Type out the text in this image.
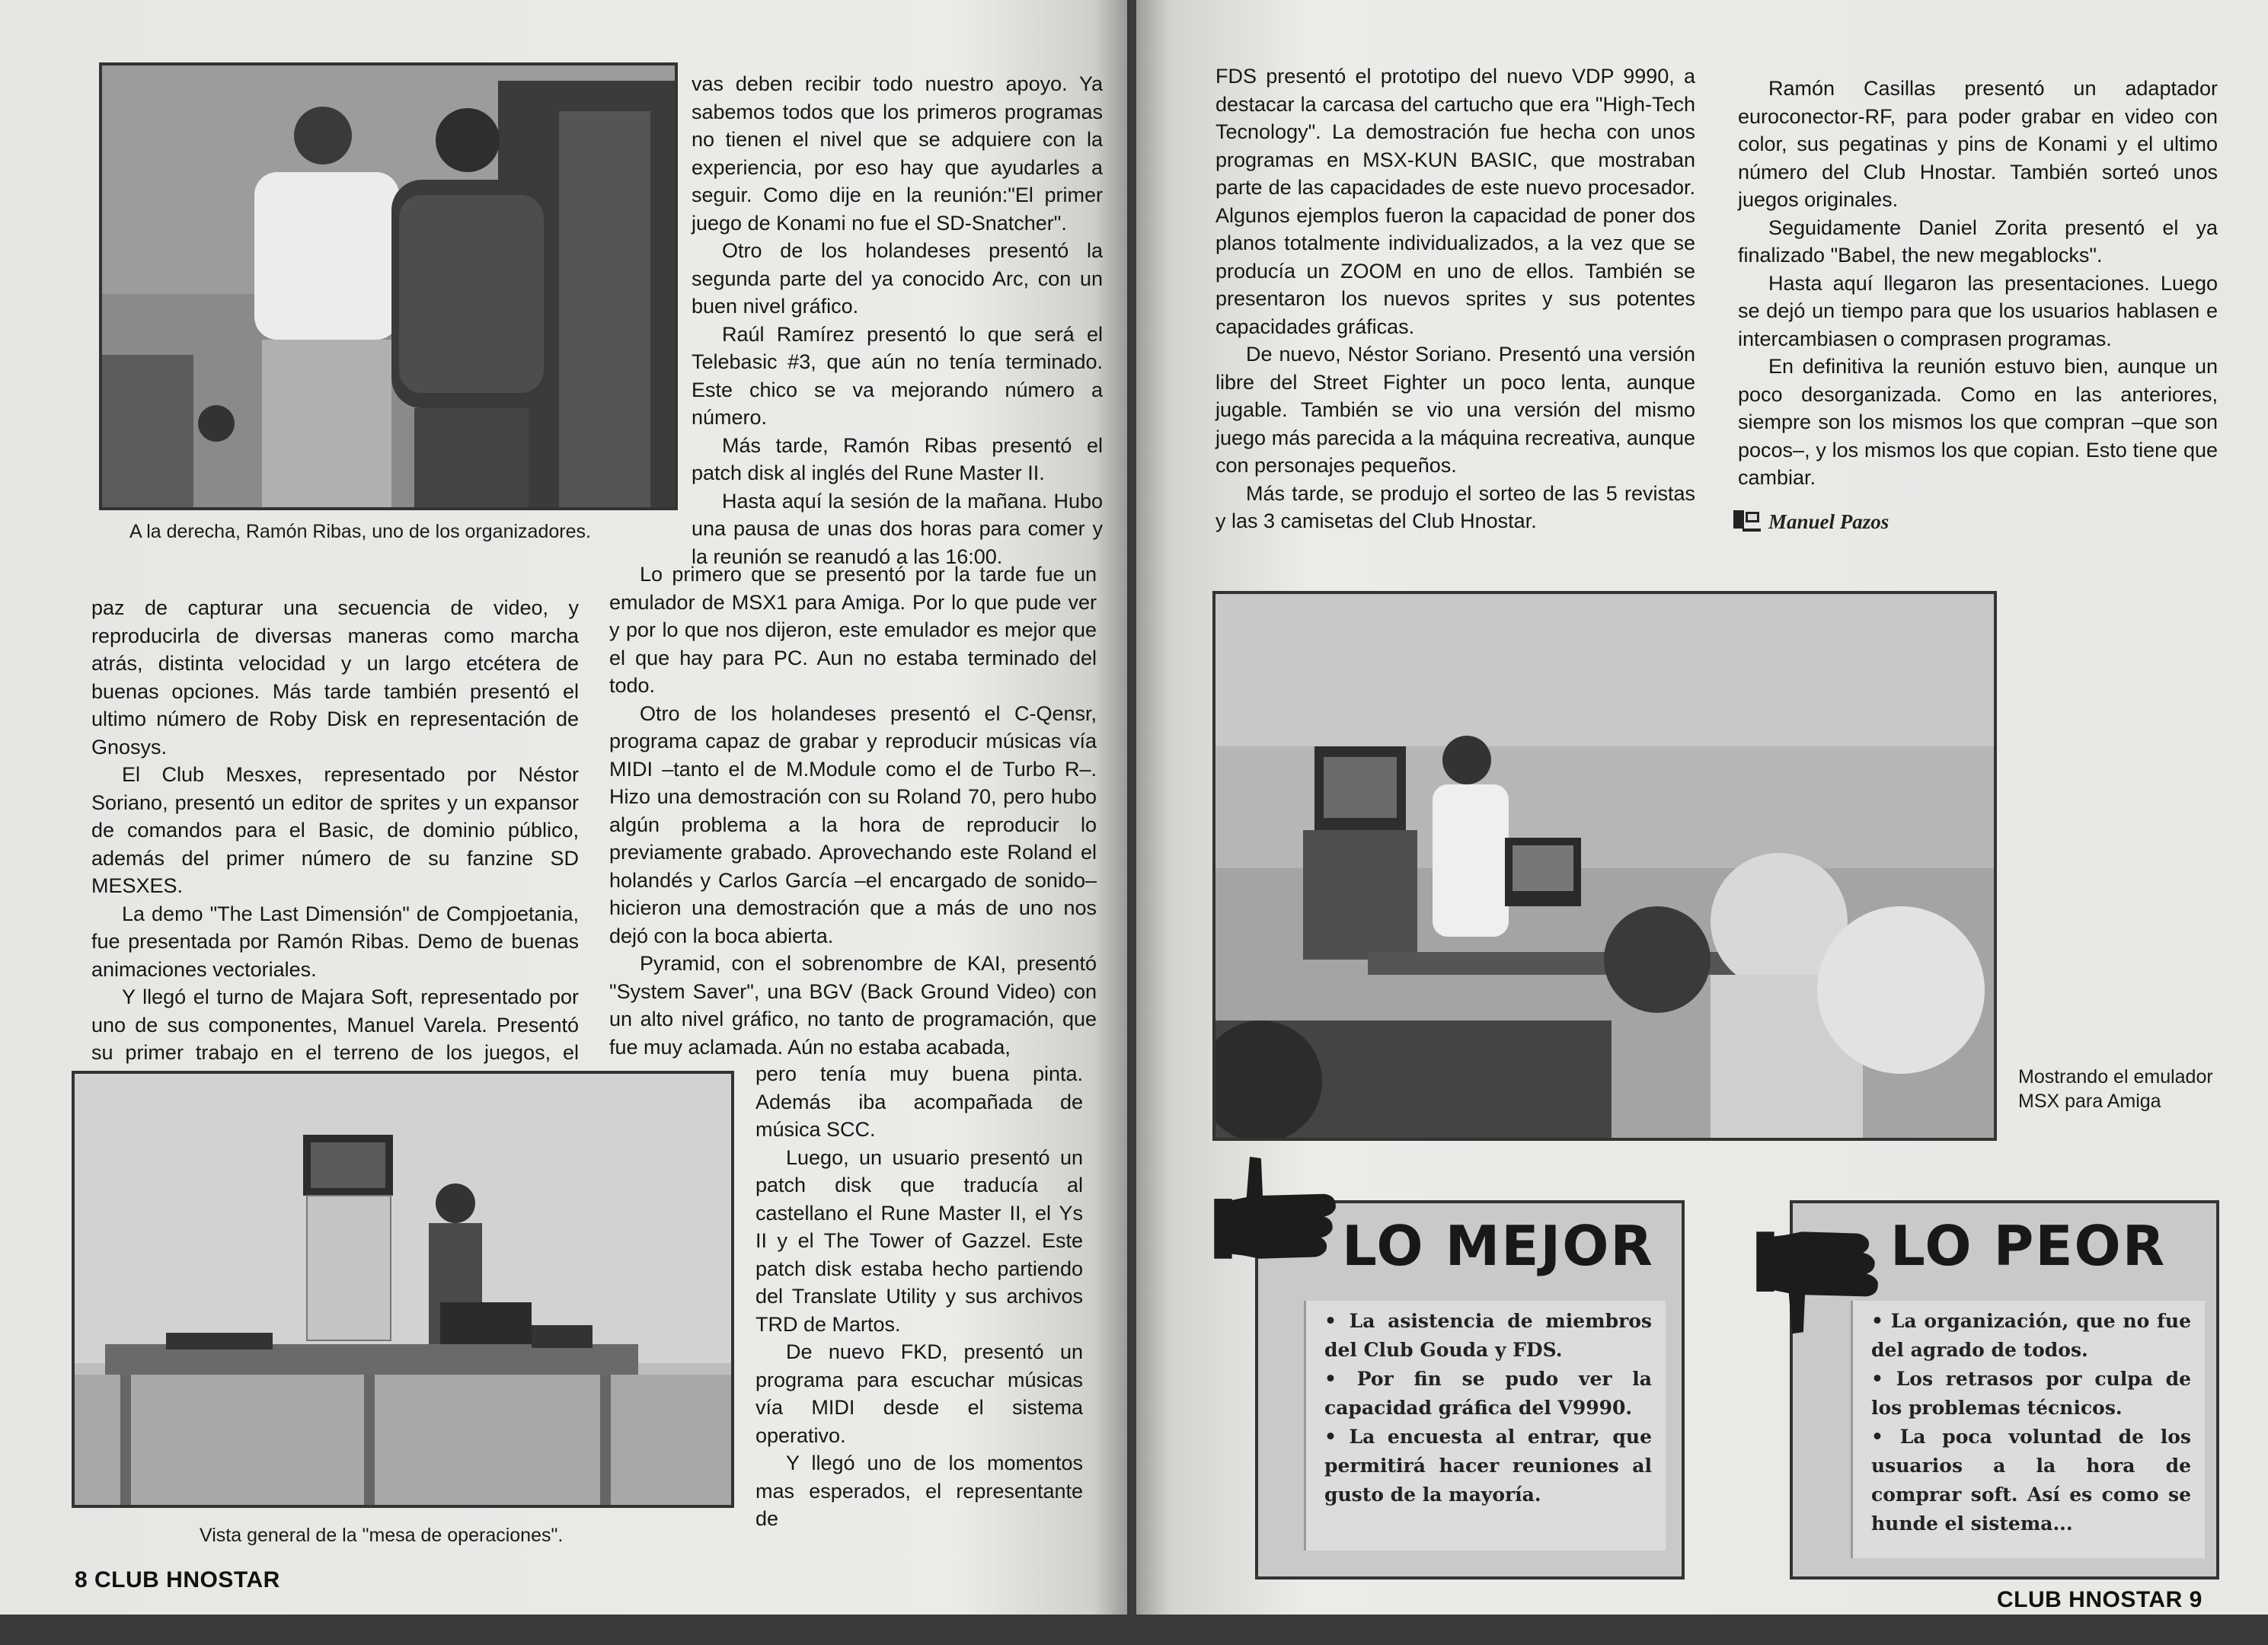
A la derecha, Ramón Ribas, uno de los organizadores.

vas deben recibir todo nuestro apoyo. Ya sabemos todos que los primeros programas no tienen el nivel que se adquiere con la experiencia, por eso hay que ayudarles a seguir. Como dije en la reunión:"El primer juego de Konami no fue el SD-Snatcher".

Otro de los holandeses presentó la segunda parte del ya conocido Arc, con un buen nivel gráfico.

Raúl Ramírez presentó lo que será el Telebasic #3, que aún no tenía terminado. Este chico se va mejorando número a número.

Más tarde, Ramón Ribas presentó el patch disk al inglés del Rune Master II.

Hasta aquí la sesión de la mañana. Hubo una pausa de unas dos horas para comer y la reunión se reanudó a las 16:00.

Lo primero que se presentó por la tarde fue un emulador de MSX1 para Amiga. Por lo que pude ver y por lo que nos dijeron, este emulador es mejor que el que hay para PC. Aun no estaba terminado del todo.

Otro de los holandeses presentó el C-Qensr, programa capaz de grabar y reproducir músicas vía MIDI –tanto el de M.Module como el de Turbo R–. Hizo una demostración con su Roland 70, pero hubo algún problema a la hora de reproducir lo previamente grabado. Aprovechando este Roland el holandés y Carlos García –el encargado de sonido– hicieron una demostración que a más de uno nos dejó con la boca abierta.

Pyramid, con el sobrenombre de KAI, presentó "System Saver", una BGV (Back Ground Video) con un alto nivel gráfico, no tanto de programación, que fue muy aclamada. Aún no estaba acabada,

paz de capturar una secuencia de video, y reproducirla de diversas maneras como marcha atrás, distinta velocidad y un largo etcétera de buenas opciones. Más tarde también presentó el ultimo número de Roby Disk en representación de Gnosys.

El Club Mesxes, representado por Néstor Soriano, presentó un editor de sprites y un expansor de comandos para el Basic, de dominio público, además del primer número de su fanzine SD MESXES.

La demo "The Last Dimensión" de Compjoetania, fue presentada por Ramón Ribas. Demo de buenas animaciones vectoriales.

Y llegó el turno de Majara Soft, representado por uno de sus componentes, Manuel Varela. Presentó su primer trabajo en el terreno de los juegos, el

Vista general de la "mesa de operaciones".

pero tenía muy buena pinta. Además iba acompañada de música SCC.

Luego, un usuario presentó un patch disk que traducía al castellano el Rune Master II, el Ys II y el The Tower of Gazzel. Este patch disk estaba hecho partiendo del Translate Utility y sus archivos TRD de Martos.

De nuevo FKD, presentó un programa para escuchar músicas vía MIDI desde el sistema operativo.

Y llegó uno de los momentos mas esperados, el representante de

8 CLUB HNOSTAR

FDS presentó el prototipo del nuevo VDP 9990, a destacar la carcasa del cartucho que era "High-Tech Tecnology". La demostración fue hecha con unos programas en MSX-KUN BASIC, que mostraban parte de las capacidades de este nuevo procesador. Algunos ejemplos fueron la capacidad de poner dos planos totalmente individualizados, a la vez que se producía un ZOOM en uno de ellos. También se presentaron los nuevos sprites y sus potentes capacidades gráficas.

De nuevo, Néstor Soriano. Presentó una versión libre del Street Fighter un poco lenta, aunque jugable. También se vio una versión del mismo juego más parecida a la máquina recreativa, aunque con personajes pequeños.

Más tarde, se produjo el sorteo de las 5 revistas y las 3 camisetas del Club Hnostar.

Ramón Casillas presentó un adaptador euroconector-RF, para poder grabar en video con color, sus pegatinas y pins de Konami y el ultimo número del Club Hnostar. También sorteó unos juegos originales.

Seguidamente Daniel Zorita presentó el ya finalizado "Babel, the new megablocks".

Hasta aquí llegaron las presentaciones. Luego se dejó un tiempo para que los usuarios hablasen e intercambiasen o comprasen programas.

En definitiva la reunión estuvo bien, aunque un poco desorganizada. Como en las anteriores, siempre son los mismos los que compran –que son pocos–, y los mismos los que copian. Esto tiene que cambiar.

Manuel Pazos
Mostrando el emulador MSX para Amiga
LO MEJOR

• La asistencia de miembros del Club Gouda y FDS.

• Por fin se pudo ver la capacidad gráfica del V9990.

• La encuesta al entrar, que permitirá hacer reuniones al gusto de la mayoría.

LO PEOR

• La organización, que no fue del agrado de todos.

• Los retrasos por culpa de los problemas técnicos.

• La poca voluntad de los usuarios a la hora de comprar soft. Así es como se hunde el sistema...

CLUB HNOSTAR 9
